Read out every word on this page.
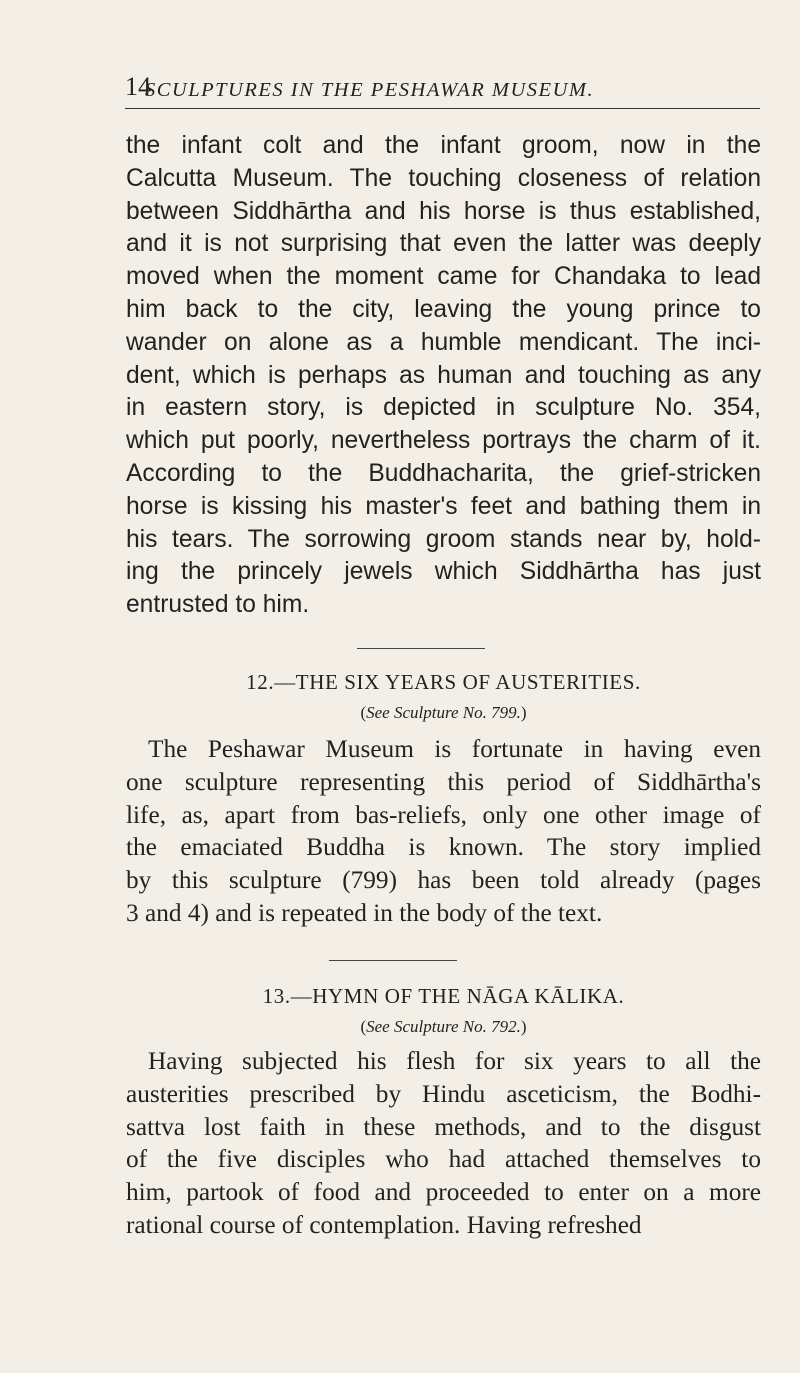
14
SCULPTURES IN THE PESHAWAR MUSEUM.

the infant colt and the infant groom, now in the
Calcutta Museum. The touching closeness of relation
between Siddhārtha and his horse is thus established,
and it is not surprising that even the latter was deeply
moved when the moment came for Chandaka to lead
him back to the city, leaving the young prince to
wander on alone as a humble mendicant. The inci-
dent, which is perhaps as human and touching as any
in eastern story, is depicted in sculpture No. 354,
which put poorly, nevertheless portrays the charm of it.
According to the Buddhacharita, the grief-stricken
horse is kissing his master's feet and bathing them in
his tears. The sorrowing groom stands near by, hold-
ing the princely jewels which Siddhārtha has just
entrusted to him.

12.—THE SIX YEARS OF AUSTERITIES.
(See Sculpture No. 799.)

The Peshawar Museum is fortunate in having even
one sculpture representing this period of Siddhārtha's
life, as, apart from bas-reliefs, only one other image of
the emaciated Buddha is known. The story implied
by this sculpture (799) has been told already (pages
3 and 4) and is repeated in the body of the text.

13.—HYMN OF THE NĀGA KĀLIKA.
(See Sculpture No. 792.)

Having subjected his flesh for six years to all the
austerities prescribed by Hindu asceticism, the Bodhi-
sattva lost faith in these methods, and to the disgust
of the five disciples who had attached themselves to
him, partook of food and proceeded to enter on a more
rational course of contemplation. Having refreshed
